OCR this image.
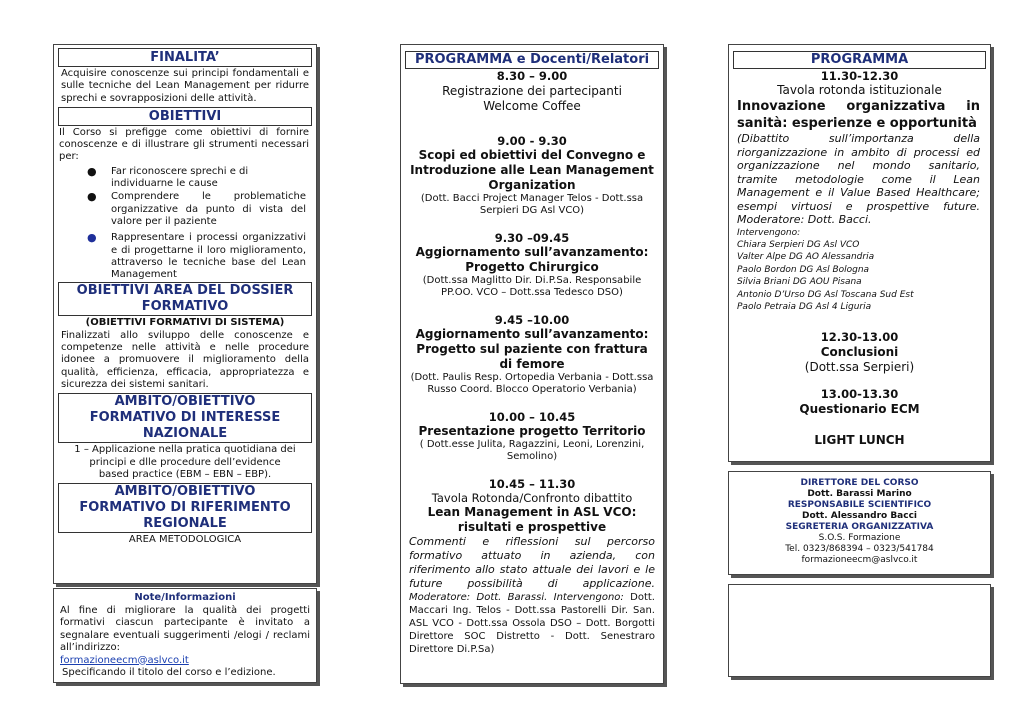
FINALITA’

Acquisire conoscenze sui principi fondamentali e sulle tecniche del Lean Management per ridurre sprechi e sovrapposizioni delle attività.

OBIETTIVI

Il Corso si prefigge come obiettivi di fornire conoscenze e di illustrare gli strumenti necessari per:

● Far riconoscere sprechi e di individuarne le cause
● Comprendere le problematiche organizzative da punto di vista del valore per il paziente
● Rappresentare i processi organizzativi e di progettarne il loro miglioramento, attraverso le tecniche base del Lean Management
OBIETTIVI AREA DEL DOSSIER
FORMATIVO
(OBIETTIVI FORMATIVI DI SISTEMA)

Finalizzati allo sviluppo delle conoscenze e competenze nelle attività e nelle procedure idonee a promuovere il miglioramento della qualità, efficienza, efficacia, appropriatezza e sicurezza dei sistemi sanitari.

AMBITO/OBIETTIVO
FORMATIVO DI INTERESSE
NAZIONALE

1 – Applicazione nella pratica quotidiana dei principi e dlle procedure dell’evidence based practice (EBM – EBN – EBP).

AMBITO/OBIETTIVO
FORMATIVO DI RIFERIMENTO
REGIONALE
AREA METODOLOGICA
Note/Informazioni

Al fine di migliorare la qualità dei progetti formativi ciascun partecipante è invitato a segnalare eventuali suggerimenti /elogi / reclami all’indirizzo:

formazioneecm@aslvco.it

Specificando il titolo del corso e l’edizione.

PROGRAMMA e Docenti/Relatori
8.30 – 9.00
Registrazione dei partecipanti
Welcome Coffee
9.00 - 9.30
Scopi ed obiettivi del Convegno e
Introduzione alle Lean Management
Organization
(Dott. Bacci Project Manager Telos - Dott.ssa
Serpieri DG Asl VCO)
9.30 –09.45
Aggiornamento sull’avanzamento:
Progetto Chirurgico
(Dott.ssa Maglitto Dir. Di.P.Sa. Responsabile
PP.OO. VCO – Dott.ssa Tedesco DSO)
9.45 –10.00
Aggiornamento sull’avanzamento:
Progetto sul paziente con frattura
di femore
(Dott. Paulis Resp. Ortopedia Verbania - Dott.ssa
Russo Coord. Blocco Operatorio Verbania)
10.00 – 10.45
Presentazione progetto Territorio
( Dott.esse Julita, Ragazzini, Leoni, Lorenzini,
Semolino)
10.45 – 11.30
Tavola Rotonda/Confronto dibattito
Lean Management in ASL VCO:
risultati e prospettive

Commenti e riflessioni sul percorso formativo attuato in azienda, con riferimento allo stato attuale dei lavori e le future possibilità di applicazione. Moderatore: Dott. Barassi. Intervengono: Dott. Maccari Ing. Telos - Dott.ssa Pastorelli Dir. San. ASL VCO - Dott.ssa Ossola DSO – Dott. Borgotti Direttore SOC Distretto - Dott. Senestraro Direttore Di.P.Sa)

PROGRAMMA
11.30-12.30
Tavola rotonda istituzionale

Innovazione organizzativa in sanità: esperienze e opportunità

(Dibattito sull’importanza della riorganizzazione in ambito di processi ed organizzazione nel mondo sanitario, tramite metodologie come il Lean Management e il Value Based Healthcare; esempi virtuosi e prospettive future. Moderatore: Dott. Bacci.

Intervengono:
Chiara Serpieri DG Asl VCO
Valter Alpe DG AO Alessandria
Paolo Bordon DG Asl Bologna
Silvia Briani DG AOU Pisana
Antonio D’Urso DG Asl Toscana Sud Est
Paolo Petraia DG Asl 4 Liguria
12.30-13.00
Conclusioni
(Dott.ssa Serpieri)
13.00-13.30
Questionario ECM
LIGHT LUNCH
DIRETTORE DEL CORSO
Dott. Barassi Marino
RESPONSABILE SCIENTIFICO
Dott. Alessandro Bacci
SEGRETERIA ORGANIZZATIVA
S.O.S. Formazione
Tel. 0323/868394 – 0323/541784
formazioneecm@aslvco.it
